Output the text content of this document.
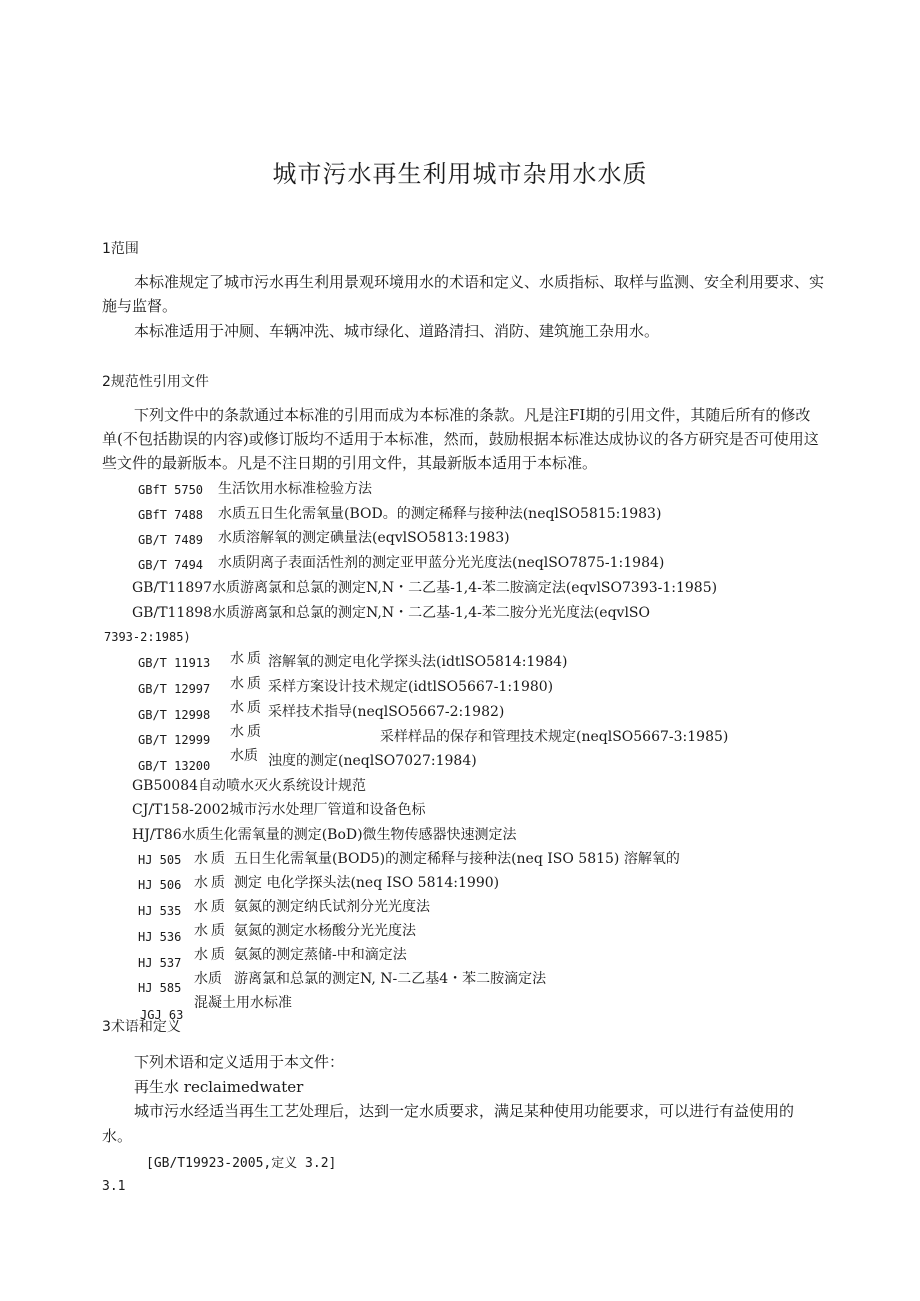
城市污水再生利用城市杂用水水质
1范围
本标准规定了城市污水再生利用景观环境用水的术语和定义、水质指标、取样与监测、安全利用要求、实
施与监督。
本标准适用于冲厕、车辆冲洗、城市绿化、道路清扫、消防、建筑施工杂用水。
2规范性引用文件
下列文件中的条款通过本标准的引用而成为本标准的条款。凡是注FI期的引用文件，其随后所有的修改
单(不包括勘误的内容)或修订版均不适用于本标准，然而，鼓励根据本标准达成协议的各方研究是否可使用这
些文件的最新版本。凡是不注日期的引用文件，其最新版本适用于本标准。
GBfT 5750 生活饮用水标准检验方法
GBfT 7488 水质五日生化需氧量(BOD。的测定稀释与接种法(neqlSO5815:1983)
GB/T 7489 水质溶解氧的测定碘量法(eqvlSO5813:1983)
GB/T 7494 水质阴离子表面活性剂的测定亚甲蓝分光光度法(neqlSO7875-1:1984)
GB/T11897水质游离氯和总氯的测定N,N・二乙基-1,4-苯二胺滴定法(eqvlSO7393-1:1985)
GB/T11898水质游离氯和总氯的测定N,N・二乙基-1,4-苯二胺分光光度法(eqvlSO
7393-2:1985)
GB/T 11913 水质 溶解氧的测定电化学探头法(idtlSO5814:1984)
GB/T 12997 水质 采样方案设计技术规定(idtlSO5667-1:1980)
GB/T 12998 水质 采样技术指导(neqlSO5667-2:1982)
GB/T 12999 水质	采样样品的保存和管理技术规定(neqlSO5667-3:1985)
GB/T 13200
水质 浊度的测定(neqlSO7027:1984)
GB50084自动喷水灭火系统设计规范
CJ/T158-2002城市污水处理厂管道和设备色标
HJ/T86水质生化需氧量的测定(BoD)微生物传感器快速测定法
HJ 505 水质 五日生化需氧量(BOD5)的测定稀释与接种法(neq ISO 5815) 溶解氧的
HJ 506 水质 测定 电化学探头法(neq ISO 5814:1990)
HJ 535 水质 氨氮的测定纳氏试剂分光光度法
HJ 536 水质 氨氮的测定水杨酸分光光度法
HJ 537 水质 氨氮的测定蒸储-中和滴定法
HJ 585
水质 游离氯和总氯的测定N, N-二乙基4・苯二胺滴定法
JGJ 63
混凝土用水标准
3术语和定义
下列术语和定义适用于本文件：
再生水 reclaimedwater
城市污水经适当再生工艺处理后，达到一定水质要求，满足某种使用功能要求，可以进行有益使用的
水。
[GB/T19923-2005,定义 3.2]
3.1
